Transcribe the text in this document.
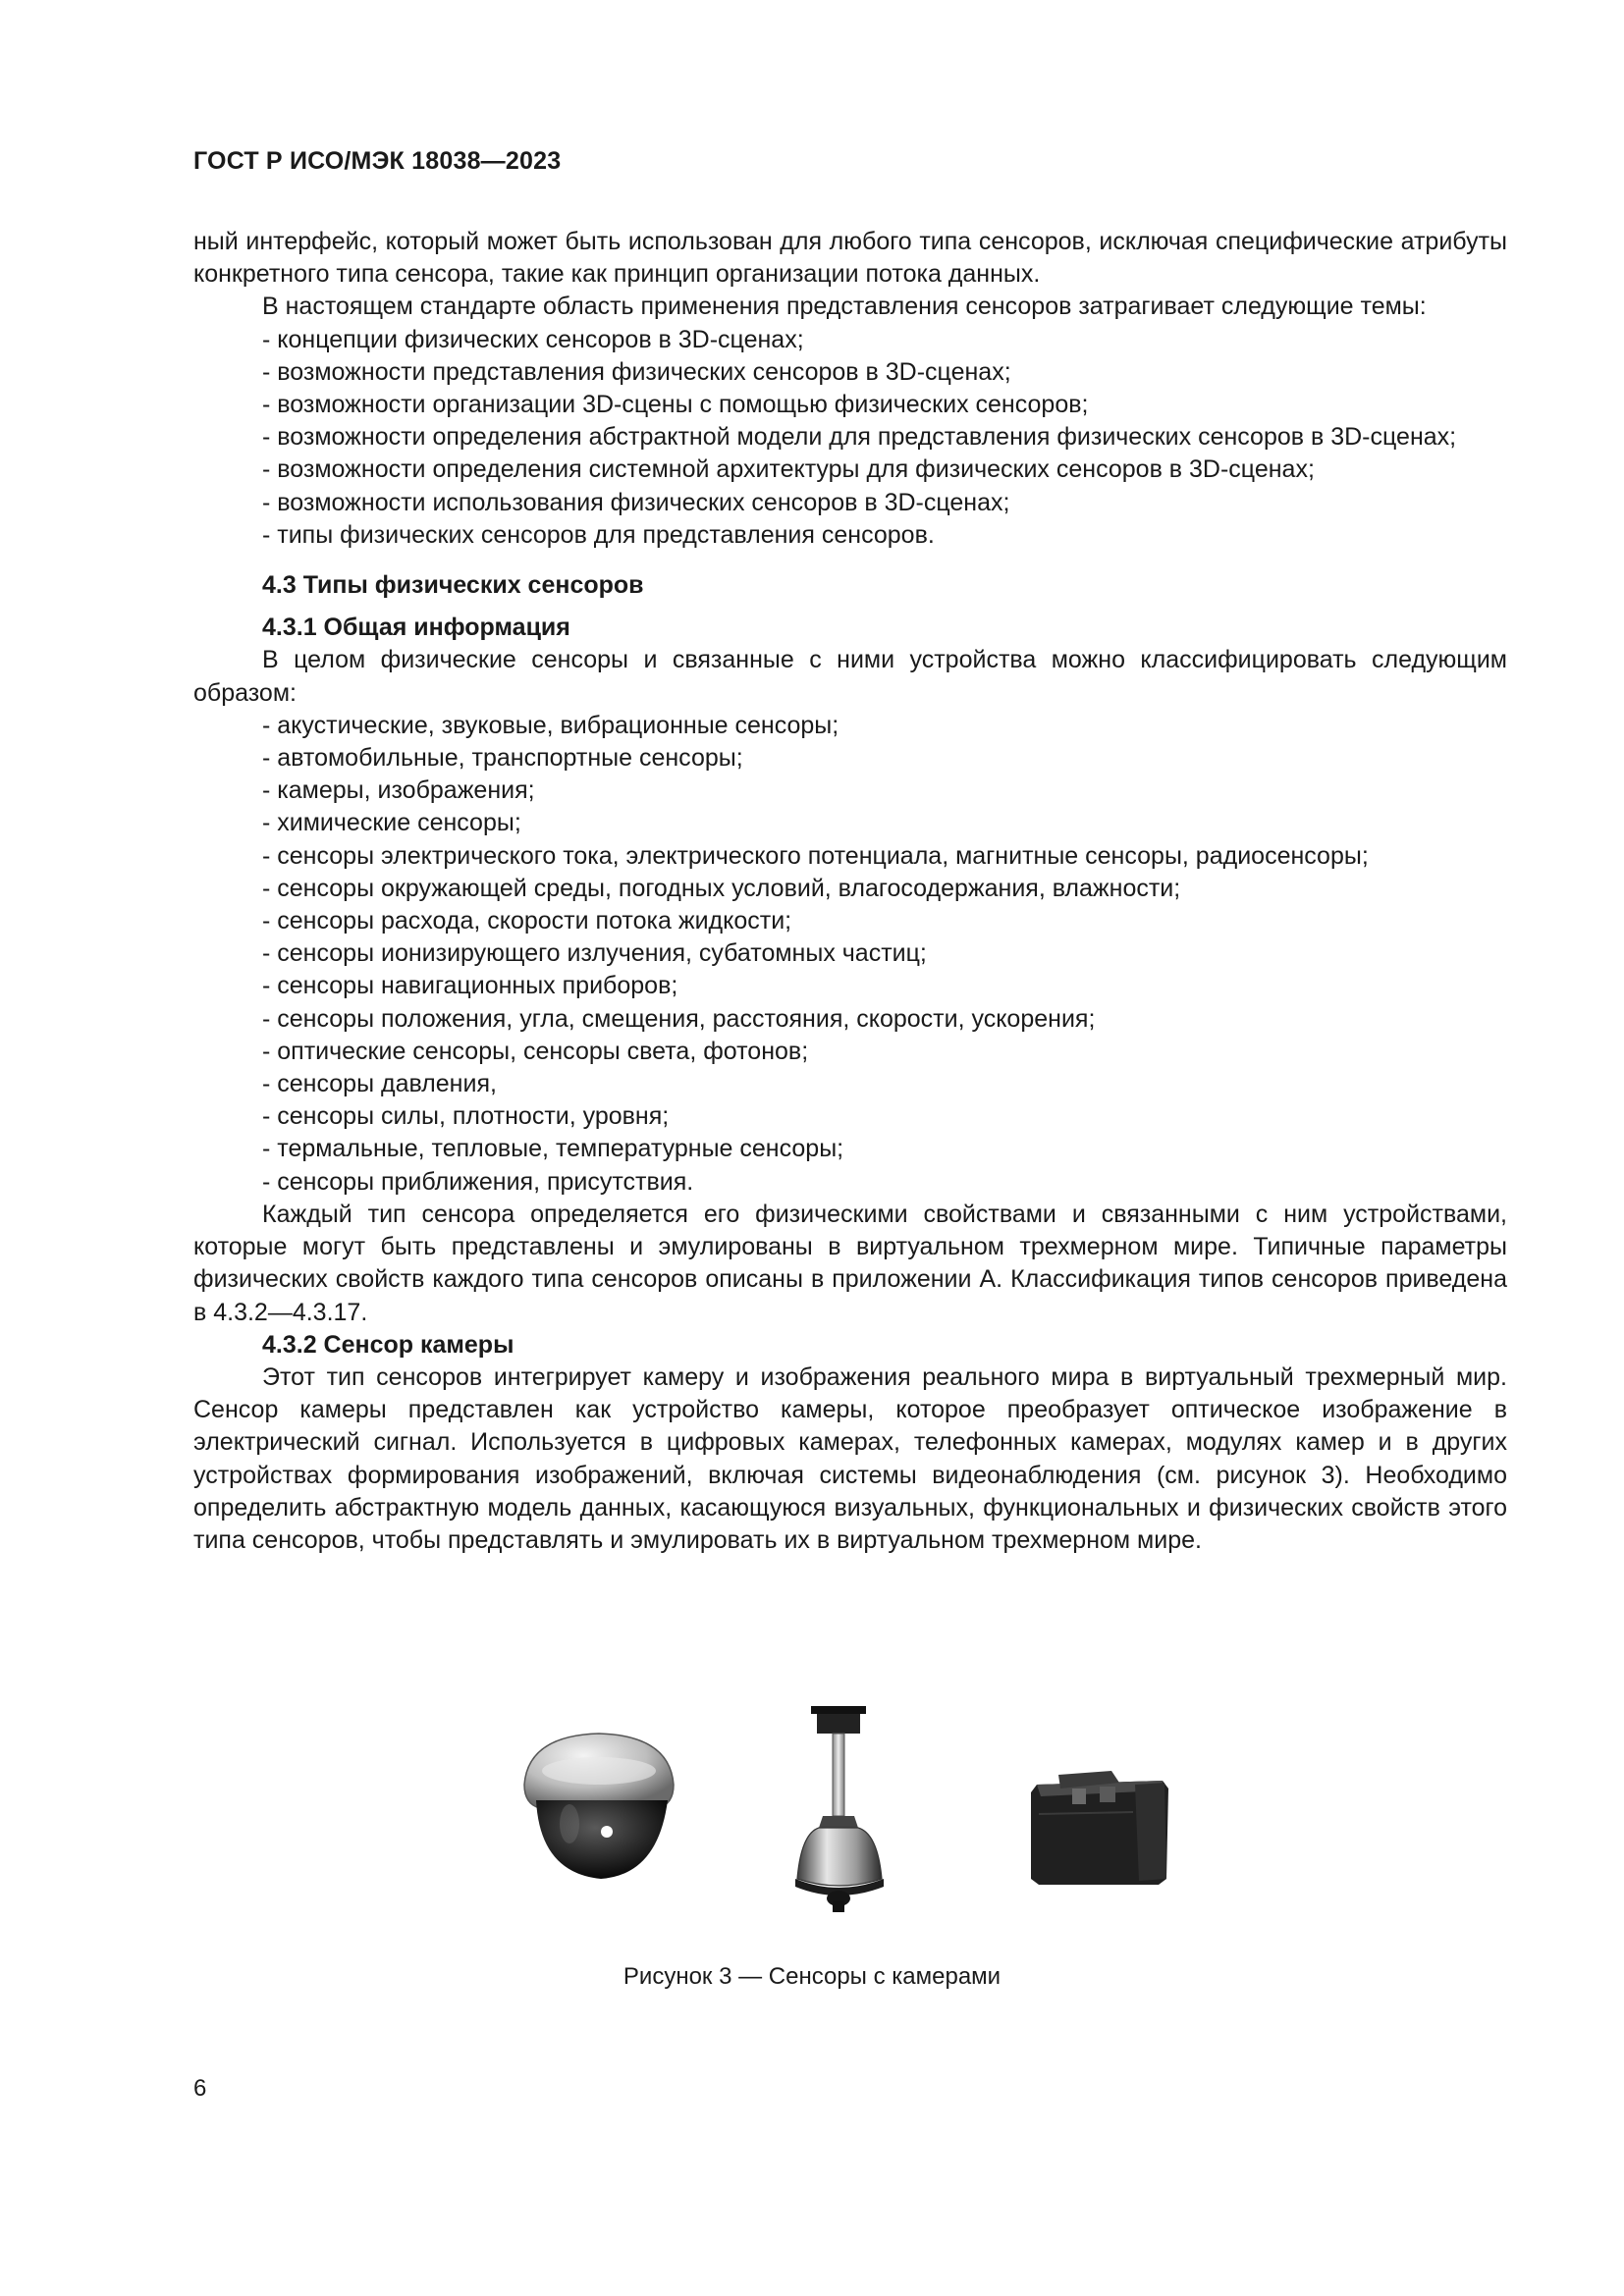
ГОСТ Р ИСО/МЭК 18038—2023

ный интерфейс, который может быть использован для любого типа сенсоров, исключая специфические атрибуты конкретного типа сенсора, такие как принцип организации потока данных.

В настоящем стандарте область применения представления сенсоров затрагивает следующие темы:

- концепции физических сенсоров в 3D-сценах;
- возможности представления физических сенсоров в 3D-сценах;
- возможности организации 3D-сцены с помощью физических сенсоров;
- возможности определения абстрактной модели для представления физических сенсоров в 3D-сценах;
- возможности определения системной архитектуры для физических сенсоров в 3D-сценах;
- возможности использования физических сенсоров в 3D-сценах;
- типы физических сенсоров для представления сенсоров.

4.3 Типы физических сенсоров

4.3.1 Общая информация

В целом физические сенсоры и связанные с ними устройства можно классифицировать следующим образом:

- акустические, звуковые, вибрационные сенсоры;
- автомобильные, транспортные сенсоры;
- камеры, изображения;
- химические сенсоры;
- сенсоры электрического тока, электрического потенциала, магнитные сенсоры, радиосенсоры;
- сенсоры окружающей среды, погодных условий, влагосодержания, влажности;
- сенсоры расхода, скорости потока жидкости;
- сенсоры ионизирующего излучения, субатомных частиц;
- сенсоры навигационных приборов;
- сенсоры положения, угла, смещения, расстояния, скорости, ускорения;
- оптические сенсоры, сенсоры света, фотонов;
- сенсоры давления,
- сенсоры силы, плотности, уровня;
- термальные, тепловые, температурные сенсоры;
- сенсоры приближения, присутствия.

Каждый тип сенсора определяется его физическими свойствами и связанными с ним устройствами, которые могут быть представлены и эмулированы в виртуальном трехмерном мире. Типичные параметры физических свойств каждого типа сенсоров описаны в приложении А. Классификация типов сенсоров приведена в 4.3.2—4.3.17.

4.3.2 Сенсор камеры

Этот тип сенсоров интегрирует камеру и изображения реального мира в виртуальный трехмерный мир. Сенсор камеры представлен как устройство камеры, которое преобразует оптическое изображение в электрический сигнал. Используется в цифровых камерах, телефонных камерах, модулях камер и в других устройствах формирования изображений, включая системы видеонаблюдения (см. рисунок 3). Необходимо определить абстрактную модель данных, касающуюся визуальных, функциональных и физических свойств этого типа сенсоров, чтобы представлять и эмулировать их в виртуальном трехмерном мире.

Рисунок 3 — Сенсоры с камерами
6
